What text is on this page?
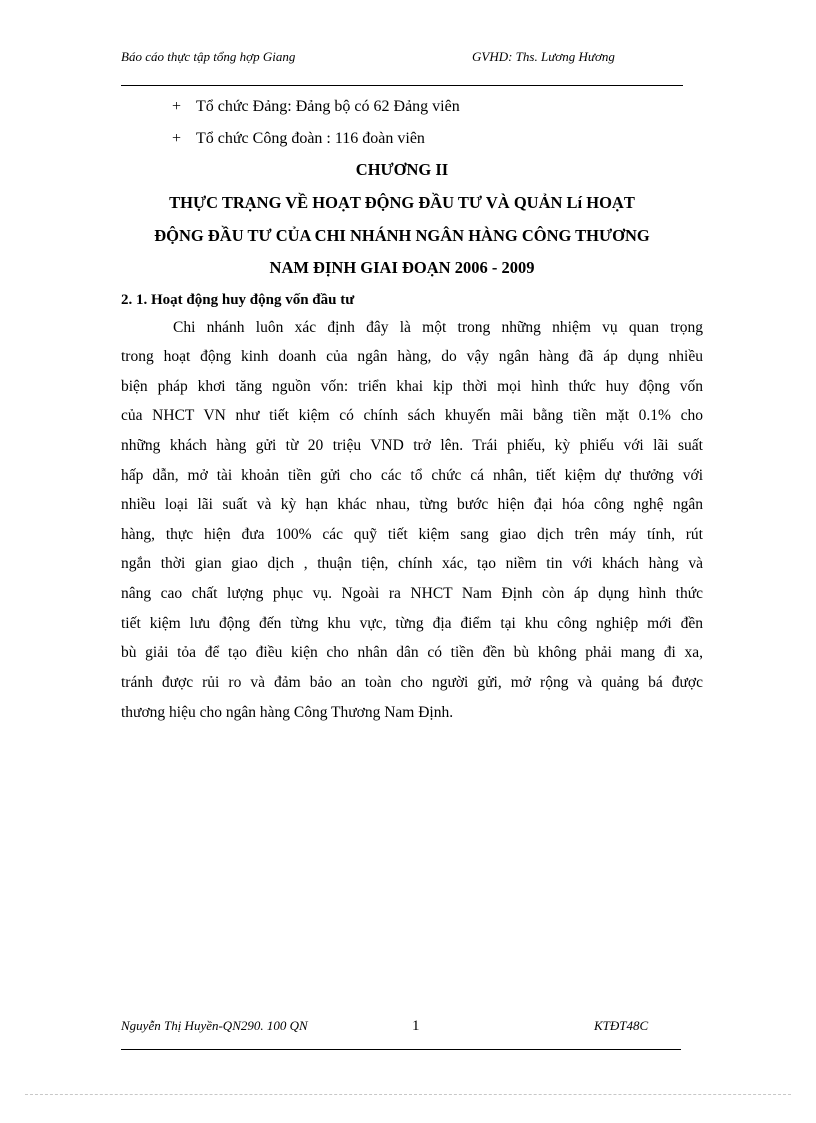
Báo cáo thực tập tổng hợp Giang	GVHD: Ths. Lương Hương
+ Tổ chức Đảng: Đảng bộ có 62 Đảng viên
+ Tổ chức Công đoàn : 116 đoàn viên
CHƯƠNG II
THỰC TRẠNG VỀ HOẠT ĐỘNG ĐẦU TƯ VÀ QUẢN Lí HOẠT
ĐỘNG ĐẦU TƯ CỦA CHI NHÁNH NGÂN HÀNG CÔNG THƯƠNG
NAM ĐỊNH GIAI ĐOẠN 2006 - 2009
2. 1. Hoạt động huy động vốn đầu tư
Chi nhánh luôn xác định đây là một trong những nhiệm vụ quan trọng
trong hoạt động kinh doanh của ngân hàng, do vậy ngân hàng đã áp dụng nhiều
biện pháp khơi tăng nguồn vốn: triển khai kịp thời mọi hình thức huy động vốn
của NHCT VN như tiết kiệm có chính sách khuyến mãi bằng tiền mặt 0.1% cho
những khách hàng gửi từ 20 triệu VND trở lên. Trái phiếu, kỳ phiếu với lãi suất
hấp dẫn, mở tài khoản tiền gửi cho các tổ chức cá nhân, tiết kiệm dự thưởng với
nhiều loại lãi suất và kỳ hạn khác nhau, từng bước hiện đại hóa công nghệ ngân
hàng, thực hiện đưa 100% các quỹ tiết kiệm sang giao dịch trên máy tính, rút
ngắn thời gian giao dịch , thuận tiện, chính xác, tạo niềm tin với khách hàng và
nâng cao chất lượng phục vụ. Ngoài ra NHCT Nam Định còn áp dụng hình thức
tiết kiệm lưu động đến từng khu vực, từng địa điểm tại khu công nghiệp mới đền
bù giải tỏa để tạo điều kiện cho nhân dân có tiền đền bù không phải mang đi xa,
tránh được rủi ro và đảm bảo an toàn cho người gửi, mở rộng và quảng bá được
thương hiệu cho ngân hàng Công Thương Nam Định.
Nguyễn Thị Huyền-QN290. 100 QN	1	KTĐT48C
